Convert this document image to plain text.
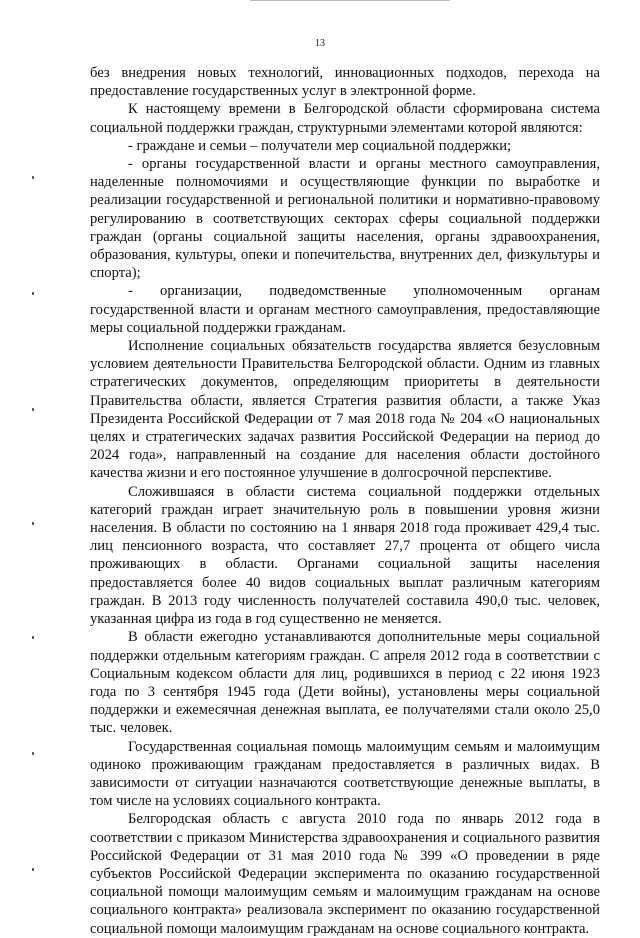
13

без внедрения новых технологий, инновационных подходов, перехода на предоставление государственных услуг в электронной форме.

К настоящему времени в Белгородской области сформирована система социальной поддержки граждан, структурными элементами которой являются:

- граждане и семьи – получатели мер социальной поддержки;

- органы государственной власти и органы местного самоуправления, наделенные полномочиями и осуществляющие функции по выработке и реализации государственной и региональной политики и нормативно-правовому регулированию в соответствующих секторах сферы социальной поддержки граждан (органы социальной защиты населения, органы здравоохранения, образования, культуры, опеки и попечительства, внутренних дел, физкультуры и спорта);

- организации, подведомственные уполномоченным органам государственной власти и органам местного самоуправления, предоставляющие меры социальной поддержки гражданам.

Исполнение социальных обязательств государства является безусловным условием деятельности Правительства Белгородской области. Одним из главных стратегических документов, определяющим приоритеты в деятельности Правительства области, является Стратегия развития области, а также Указ Президента Российской Федерации от 7 мая 2018 года № 204 «О национальных целях и стратегических задачах развития Российской Федерации на период до 2024 года», направленный на создание для населения области достойного качества жизни и его постоянное улучшение в долгосрочной перспективе.

Сложившаяся в области система социальной поддержки отдельных категорий граждан играет значительную роль в повышении уровня жизни населения. В области по состоянию на 1 января 2018 года проживает 429,4 тыс. лиц пенсионного возраста, что составляет 27,7 процента от общего числа проживающих в области. Органами социальной защиты населения предоставляется более 40 видов социальных выплат различным категориям граждан. В 2013 году численность получателей составила 490,0 тыс. человек, указанная цифра из года в год существенно не меняется.

В области ежегодно устанавливаются дополнительные меры социальной поддержки отдельным категориям граждан. С апреля 2012 года в соответствии с Социальным кодексом области для лиц, родившихся в период с 22 июня 1923 года по 3 сентября 1945 года (Дети войны), установлены меры социальной поддержки и ежемесячная денежная выплата, ее получателями стали около 25,0 тыс. человек.

Государственная социальная помощь малоимущим семьям и малоимущим одиноко проживающим гражданам предоставляется в различных видах. В зависимости от ситуации назначаются соответствующие денежные выплаты, в том числе на условиях социального контракта.

Белгородская область с августа 2010 года по январь 2012 года в соответствии с приказом Министерства здравоохранения и социального развития Российской Федерации от 31 мая 2010 года № 399 «О проведении в ряде субъектов Российской Федерации эксперимента по оказанию государственной социальной помощи малоимущим семьям и малоимущим гражданам на основе социального контракта» реализовала эксперимент по оказанию государственной социальной помощи малоимущим гражданам на основе социального контракта.
